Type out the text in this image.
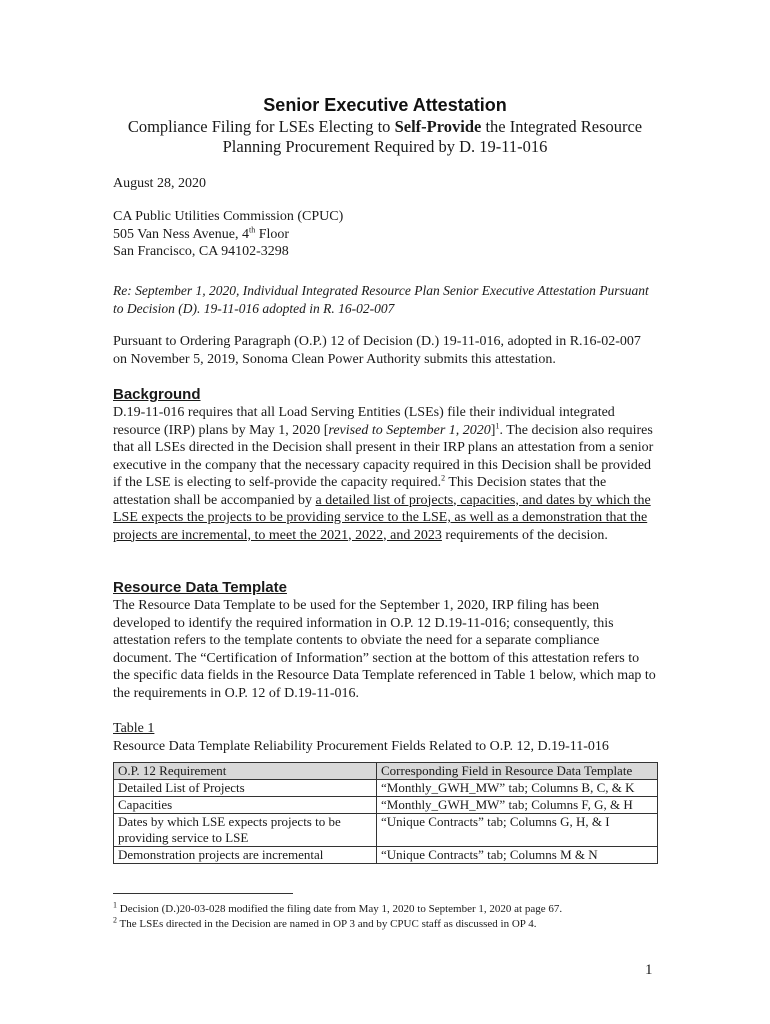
Senior Executive Attestation
Compliance Filing for LSEs Electing to Self-Provide the Integrated Resource Planning Procurement Required by D. 19-11-016
August 28, 2020
CA Public Utilities Commission (CPUC)
505 Van Ness Avenue, 4th Floor
San Francisco, CA 94102-3298
Re: September 1, 2020, Individual Integrated Resource Plan Senior Executive Attestation Pursuant to Decision (D). 19-11-016 adopted in R. 16-02-007
Pursuant to Ordering Paragraph (O.P.) 12 of Decision (D.) 19-11-016, adopted in R.16-02-007 on November 5, 2019, Sonoma Clean Power Authority submits this attestation.
Background
D.19-11-016 requires that all Load Serving Entities (LSEs) file their individual integrated resource (IRP) plans by May 1, 2020 [revised to September 1, 2020]$^1$. The decision also requires that all LSEs directed in the Decision shall present in their IRP plans an attestation from a senior executive in the company that the necessary capacity required in this Decision shall be provided if the LSE is electing to self-provide the capacity required.$^2$ This Decision states that the attestation shall be accompanied by a detailed list of projects, capacities, and dates by which the LSE expects the projects to be providing service to the LSE, as well as a demonstration that the projects are incremental, to meet the 2021, 2022, and 2023 requirements of the decision.
Resource Data Template
The Resource Data Template to be used for the September 1, 2020, IRP filing has been developed to identify the required information in O.P. 12 D.19-11-016; consequently, this attestation refers to the template contents to obviate the need for a separate compliance document. The “Certification of Information” section at the bottom of this attestation refers to the specific data fields in the Resource Data Template referenced in Table 1 below, which map to the requirements in O.P. 12 of D.19-11-016.
Table 1
Resource Data Template Reliability Procurement Fields Related to O.P. 12, D.19-11-016
O.P. 12 Requirement	Corresponding Field in Resource Data Template
Detailed List of Projects	“Monthly_GWH_MW” tab; Columns B, C, & K
Capacities	“Monthly_GWH_MW” tab; Columns F, G, & H
Dates by which LSE expects projects to be providing service to LSE	“Unique Contracts” tab; Columns G, H, & I
Demonstration projects are incremental	“Unique Contracts” tab; Columns M & N
$^1$ Decision (D.)20-03-028 modified the filing date from May 1, 2020 to September 1, 2020 at page 67.
$^2$ The LSEs directed in the Decision are named in OP 3 and by CPUC staff as discussed in OP 4.
1
